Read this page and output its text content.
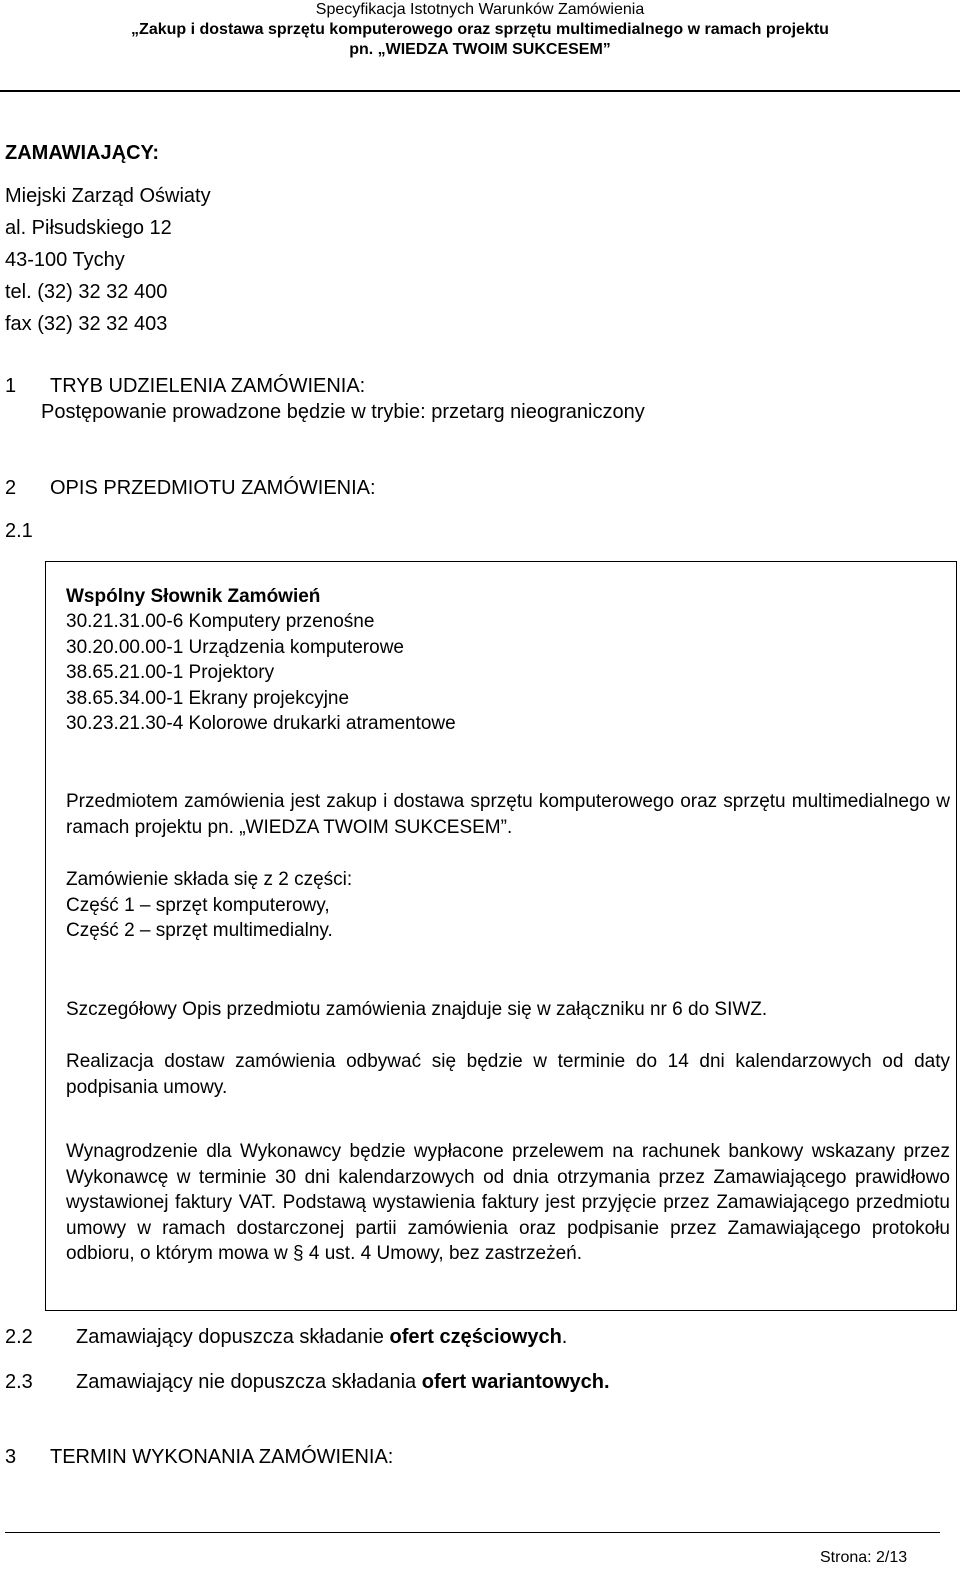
Specyfikacja Istotnych Warunków Zamówienia
„Zakup i dostawa sprzętu komputerowego oraz sprzętu multimedialnego w ramach projektu
pn. „WIEDZA TWOIM SUKCESEM”
ZAMAWIAJĄCY:
Miejski Zarząd Oświaty
al. Piłsudskiego 12
43-100 Tychy
tel. (32) 32 32 400
fax (32) 32 32 403
1 TRYB UDZIELENIA ZAMÓWIENIA:
Postępowanie prowadzone będzie w trybie: przetarg nieograniczony
2 OPIS PRZEDMIOTU ZAMÓWIENIA:
2.1
Wspólny Słownik Zamówień
30.21.31.00-6 Komputery przenośne
30.20.00.00-1 Urządzenia komputerowe
38.65.21.00-1 Projektory
38.65.34.00-1 Ekrany projekcyjne
30.23.21.30-4 Kolorowe drukarki atramentowe
Przedmiotem zamówienia jest zakup i dostawa sprzętu komputerowego oraz sprzętu multimedialnego w ramach projektu pn. „WIEDZA TWOIM SUKCESEM”.
Zamówienie składa się z 2 części:
Część 1 – sprzęt komputerowy,
Część 2 – sprzęt multimedialny.
Szczegółowy Opis przedmiotu zamówienia znajduje się w załączniku nr 6 do SIWZ.
Realizacja dostaw zamówienia odbywać się będzie w terminie do 14 dni kalendarzowych od daty podpisania umowy.
Wynagrodzenie dla Wykonawcy będzie wypłacone przelewem na rachunek bankowy wskazany przez Wykonawcę w terminie 30 dni kalendarzowych od dnia otrzymania przez Zamawiającego prawidłowo wystawionej faktury VAT. Podstawą wystawienia faktury jest przyjęcie przez Zamawiającego przedmiotu umowy w ramach dostarczonej partii zamówienia oraz podpisanie przez Zamawiającego protokołu odbioru, o którym mowa w § 4 ust. 4 Umowy, bez zastrzeżeń.
2.2 Zamawiający dopuszcza składanie ofert częściowych.
2.3 Zamawiający nie dopuszcza składania ofert wariantowych.
3 TERMIN WYKONANIA ZAMÓWIENIA:
Strona: 2/13
